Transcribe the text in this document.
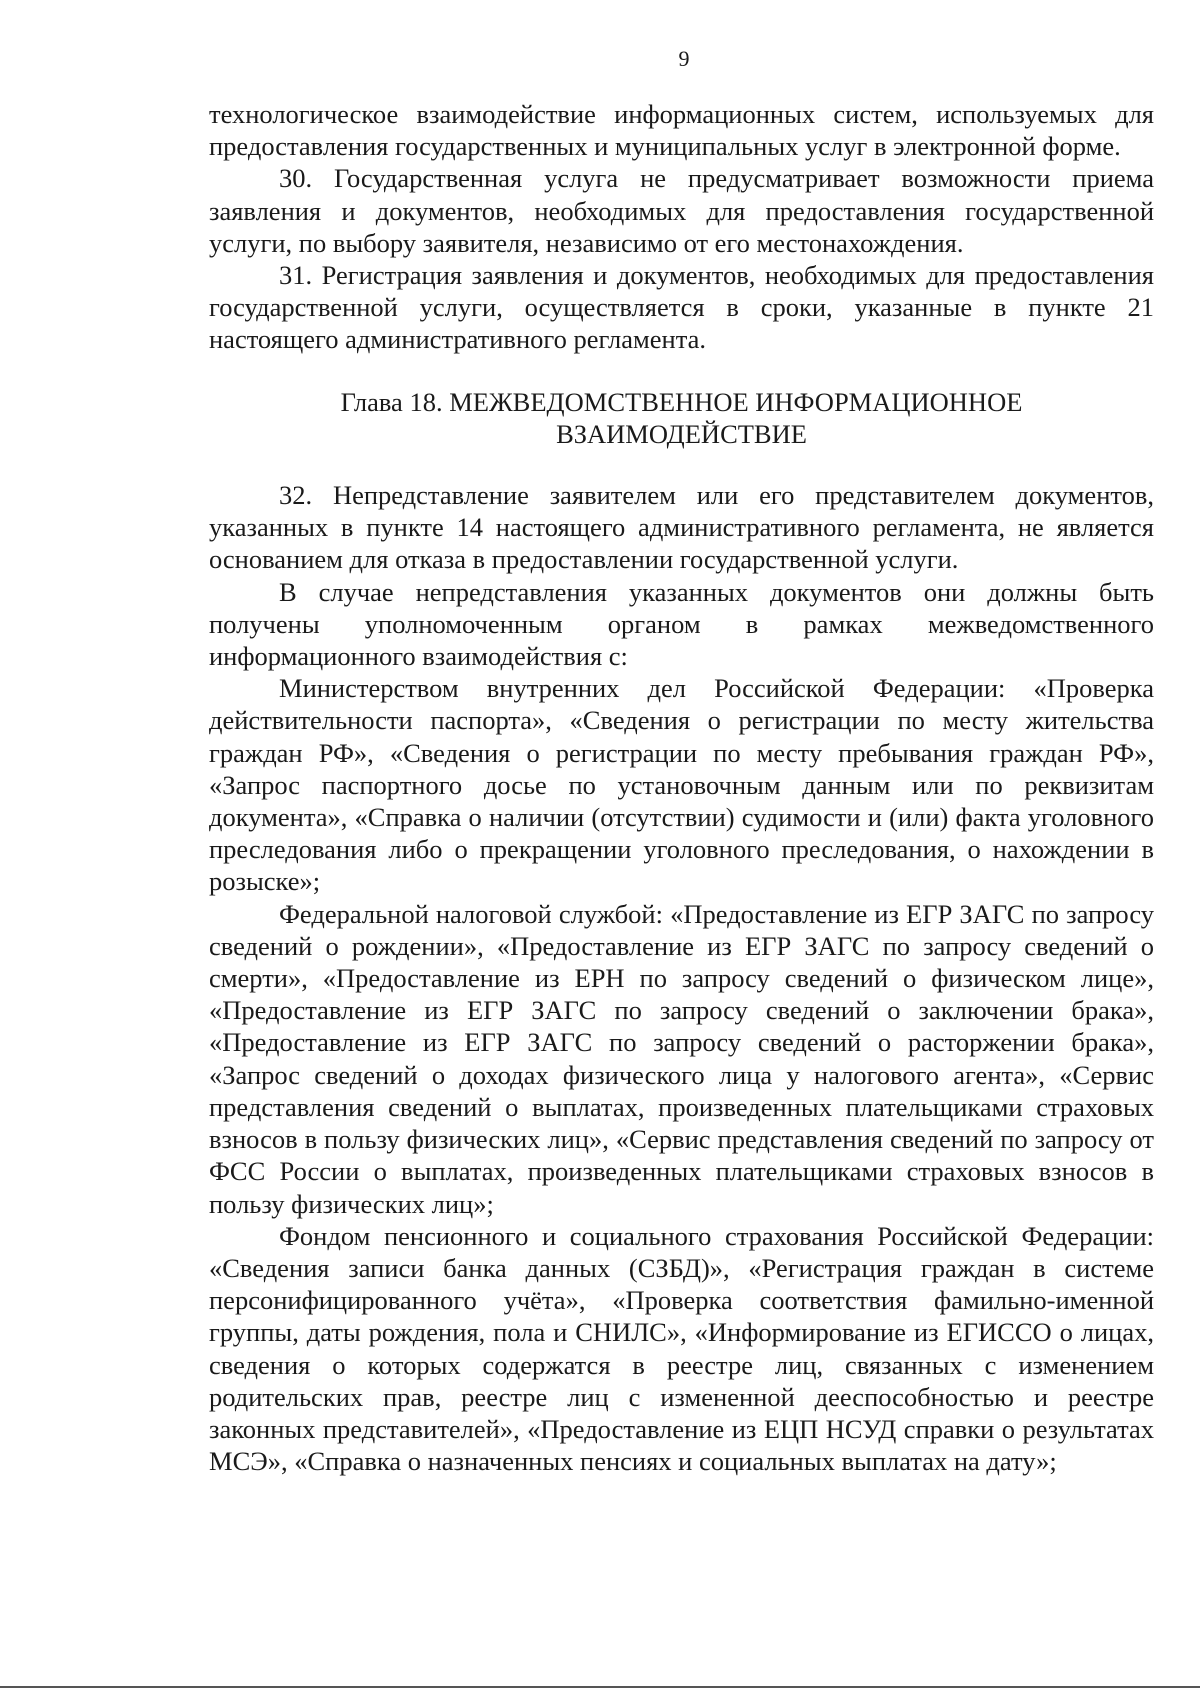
9

технологическое взаимодействие информационных систем, используемых для предоставления государственных и муниципальных услуг в электронной форме.

30. Государственная услуга не предусматривает возможности приема заявления и документов, необходимых для предоставления государственной услуги, по выбору заявителя, независимо от его местонахождения.

31. Регистрация заявления и документов, необходимых для предоставления государственной услуги, осуществляется в сроки, указанные в пункте 21 настоящего административного регламента.

Глава 18. МЕЖВЕДОМСТВЕННОЕ ИНФОРМАЦИОННОЕ
ВЗАИМОДЕЙСТВИЕ

32. Непредставление заявителем или его представителем документов, указанных в пункте 14 настоящего административного регламента, не является основанием для отказа в предоставлении государственной услуги.

В случае непредставления указанных документов они должны быть получены уполномоченным органом в рамках межведомственного информационного взаимодействия с:

Министерством внутренних дел Российской Федерации: «Проверка действительности паспорта», «Сведения о регистрации по месту жительства граждан РФ», «Сведения о регистрации по месту пребывания граждан РФ», «Запрос паспортного досье по установочным данным или по реквизитам документа», «Справка о наличии (отсутствии) судимости и (или) факта уголовного преследования либо о прекращении уголовного преследования, о нахождении в розыске»;

Федеральной налоговой службой: «Предоставление из ЕГР ЗАГС по запросу сведений о рождении», «Предоставление из ЕГР ЗАГС по запросу сведений о смерти», «Предоставление из ЕРН по запросу сведений о физическом лице», «Предоставление из ЕГР ЗАГС по запросу сведений о заключении брака», «Предоставление из ЕГР ЗАГС по запросу сведений о расторжении брака», «Запрос сведений о доходах физического лица у налогового агента», «Сервис представления сведений о выплатах, произведенных плательщиками страховых взносов в пользу физических лиц», «Сервис представления сведений по запросу от ФСС России о выплатах, произведенных плательщиками страховых взносов в пользу физических лиц»;

Фондом пенсионного и социального страхования Российской Федерации: «Сведения записи банка данных (СЗБД)», «Регистрация граждан в системе персонифицированного учёта», «Проверка соответствия фамильно-именной группы, даты рождения, пола и СНИЛС», «Информирование из ЕГИССО о лицах, сведения о которых содержатся в реестре лиц, связанных с изменением родительских прав, реестре лиц с измененной дееспособностью и реестре законных представителей», «Предоставление из ЕЦП НСУД справки о результатах МСЭ», «Справка о назначенных пенсиях и социальных выплатах на дату»;
